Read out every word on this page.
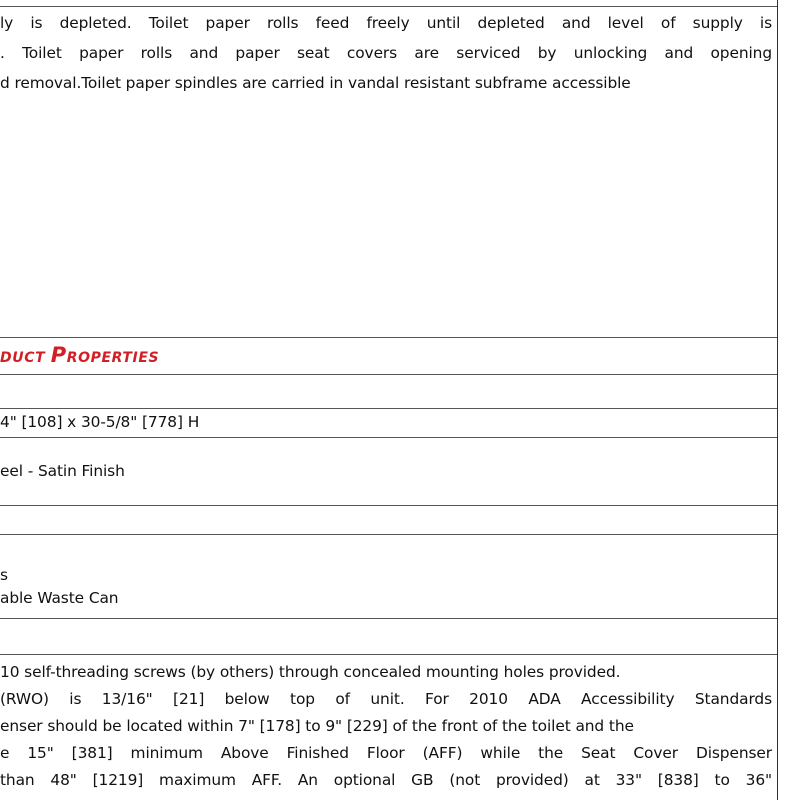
ly is depleted. Toilet paper rolls feed freely until depleted and level of supply is
. Toilet paper rolls and paper seat covers are serviced by unlocking and opening
d removal.Toilet paper spindles are carried in vandal resistant subframe accessible
DUCT PROPERTIES
4" [108] x 30-5/8" [778] H
eel - Satin Finish
s
able Waste Can
10 self-threading screws (by others) through concealed mounting holes provided.
(RWO) is 13/16" [21] below top of unit. For 2010 ADA Accessibility Standards
enser should be located within 7" [178] to 9" [229] of the front of the toilet and the
e 15" [381] minimum Above Finished Floor (AFF) while the Seat Cover Dispenser
than 48" [1219] maximum AFF. An optional GB (not provided) at 33" [838] to 36"
